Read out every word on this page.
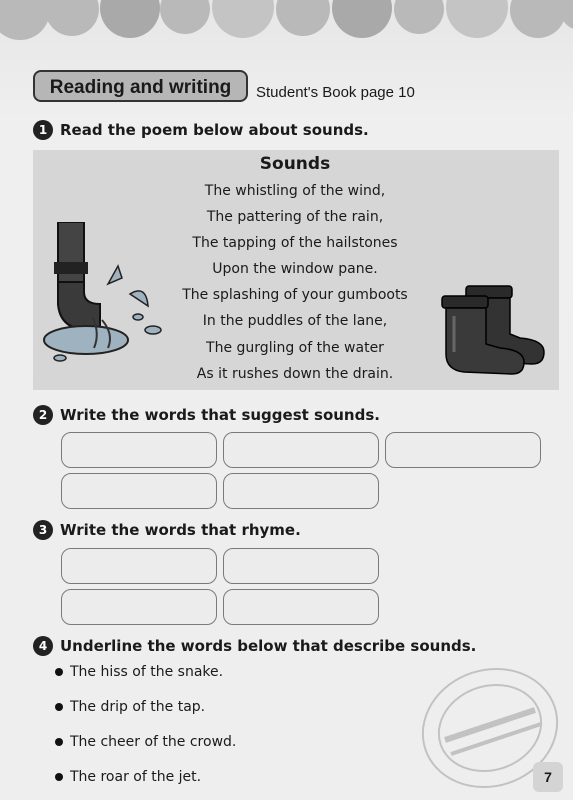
Reading and writing	Student's Book page 10
1 Read the poem below about sounds.
Sounds
The whistling of the wind,
The pattering of the rain,
The tapping of the hailstones
Upon the window pane.
The splashing of your gumboots
In the puddles of the lane,
The gurgling of the water
As it rushes down the drain.
2 Write the words that suggest sounds.
3 Write the words that rhyme.
4 Underline the words below that describe sounds.
The hiss of the snake.
The drip of the tap.
The cheer of the crowd.
The roar of the jet.	7
